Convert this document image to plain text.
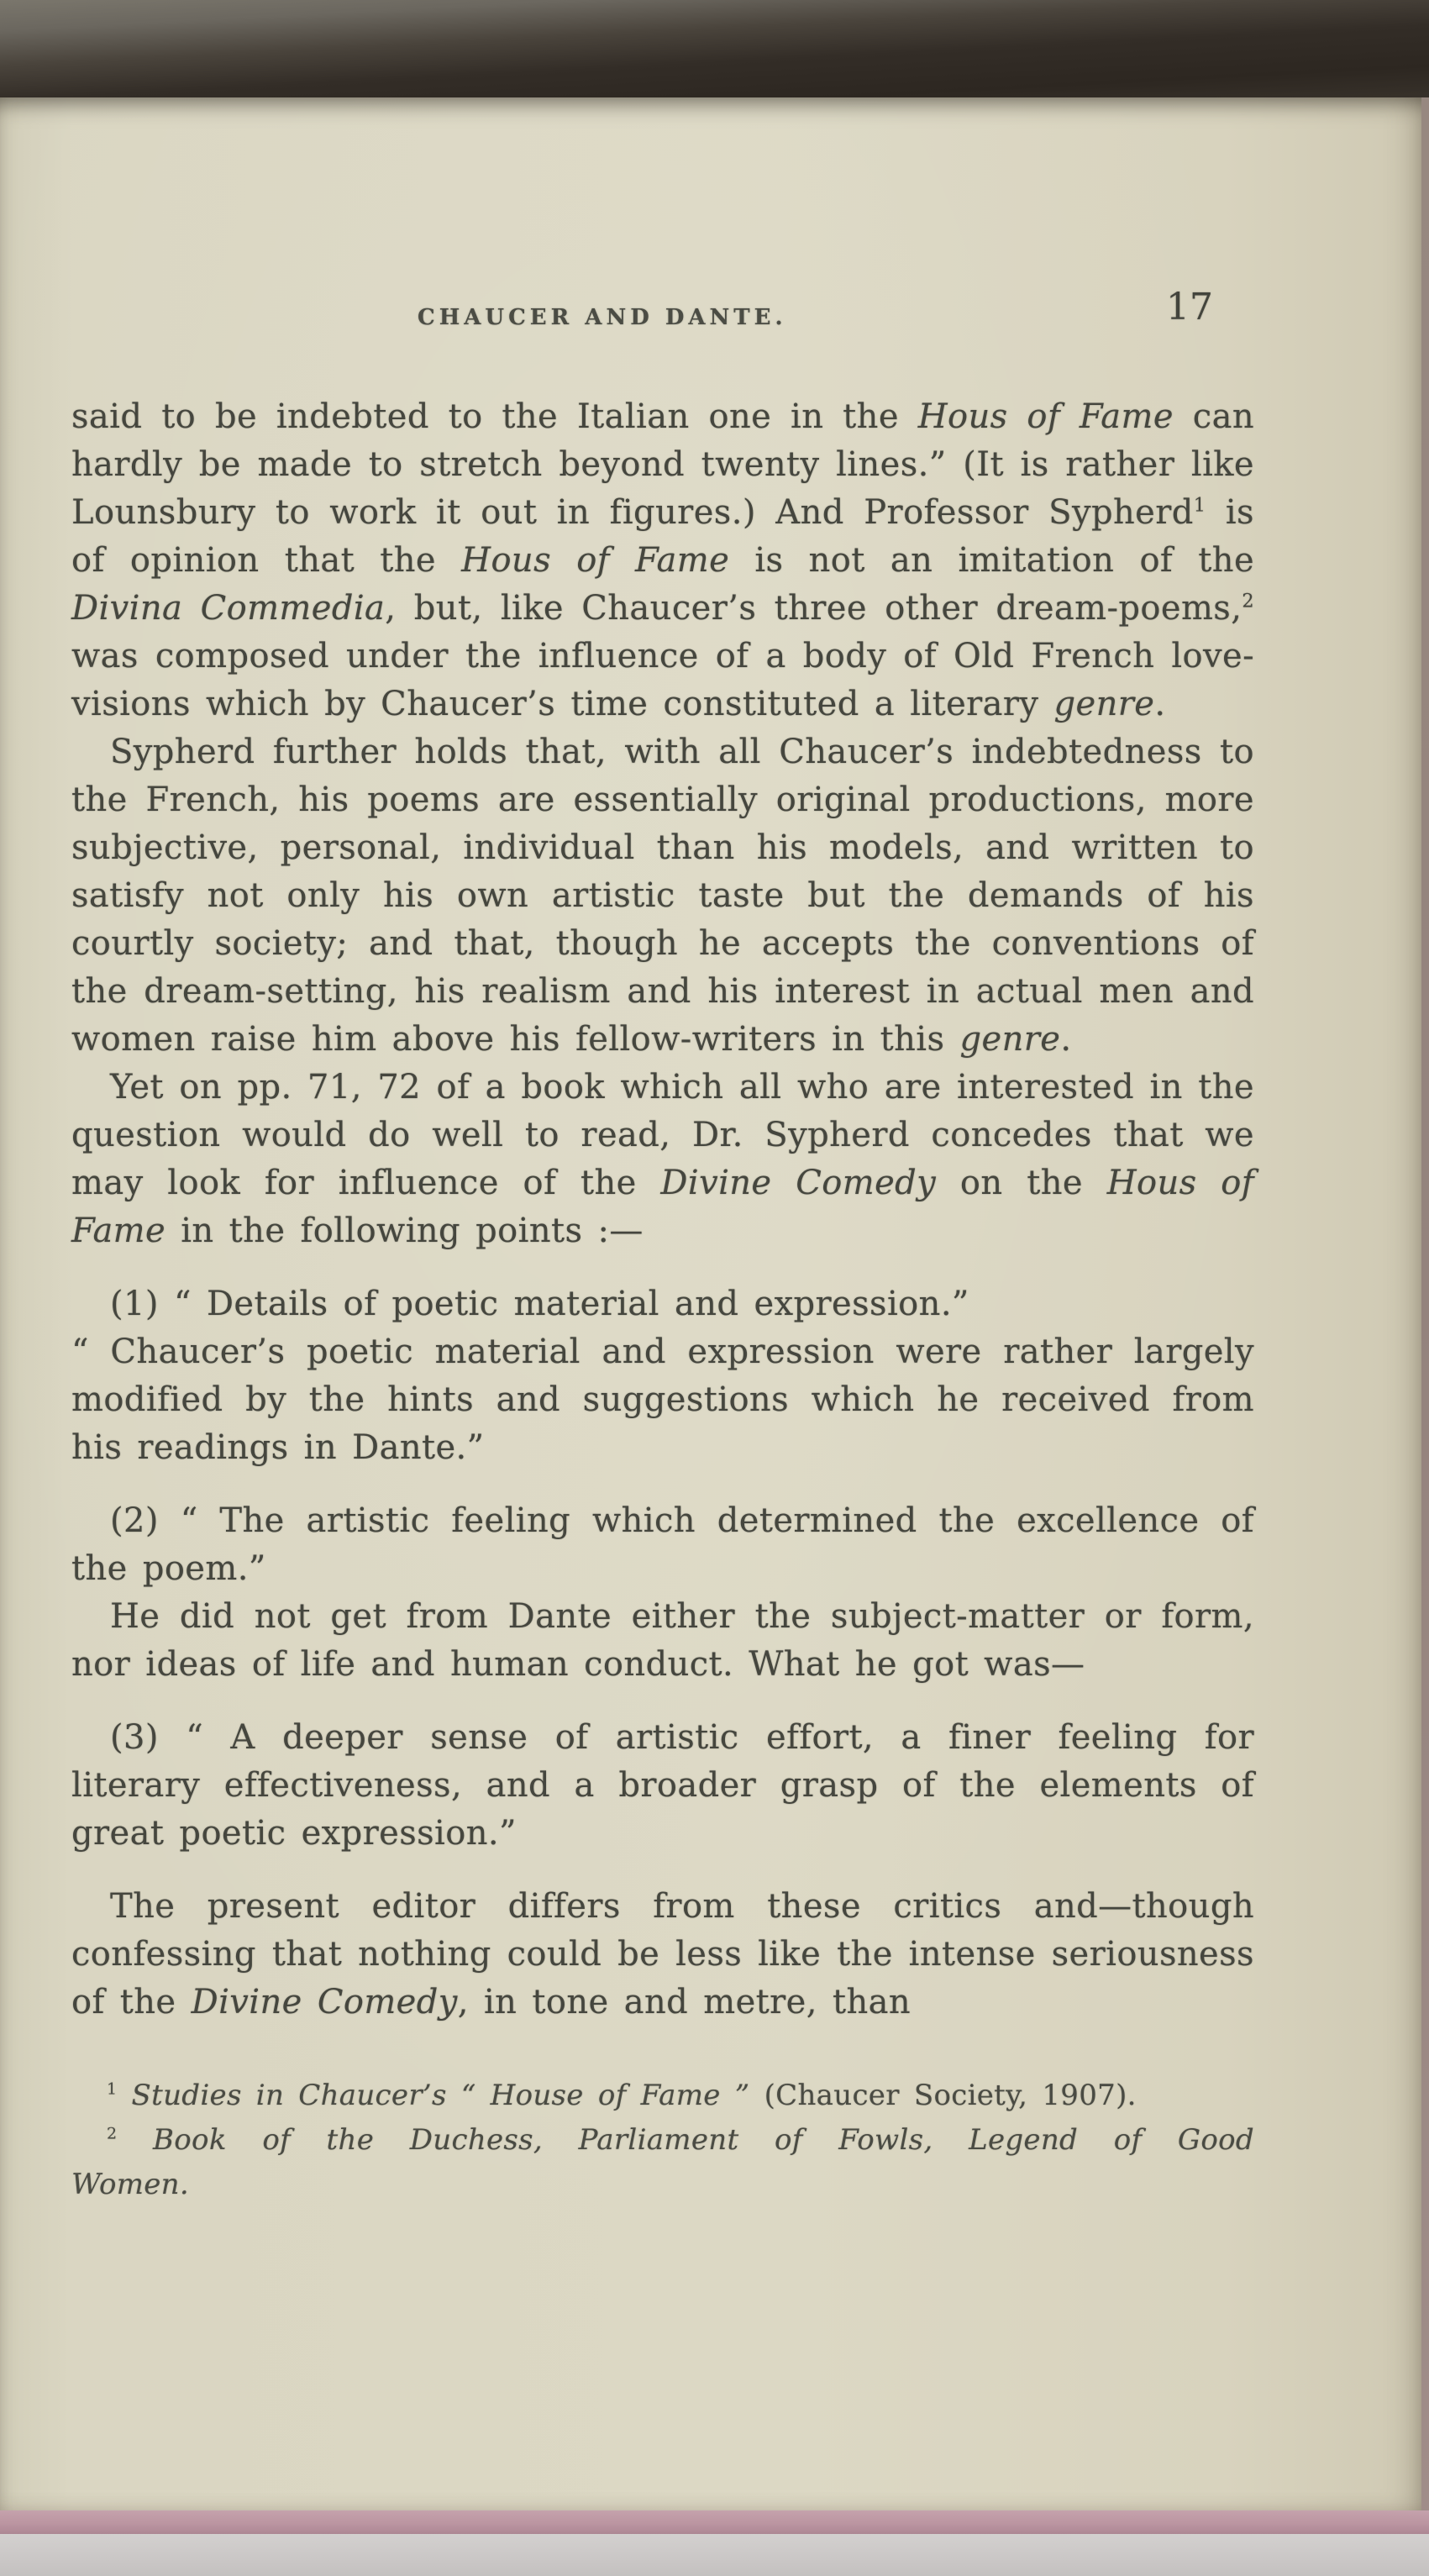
CHAUCER AND DANTE.	17

said to be indebted to the Italian one in the Hous of Fame can hardly be made to stretch beyond twenty lines.” (It is rather like Lounsbury to work it out in figures.) And Professor Sypherd$^1$ is of opinion that the Hous of Fame is not an imitation of the Divina Commedia, but, like Chaucer’s three other dream-poems,$^2$ was composed under the influence of a body of Old French love-visions which by Chaucer’s time constituted a literary genre.

Sypherd further holds that, with all Chaucer’s indebtedness to the French, his poems are essentially original productions, more subjective, personal, individual than his models, and written to satisfy not only his own artistic taste but the demands of his courtly society; and that, though he accepts the conventions of the dream-setting, his realism and his interest in actual men and women raise him above his fellow-writers in this genre.

Yet on pp. 71, 72 of a book which all who are interested in the question would do well to read, Dr. Sypherd concedes that we may look for influence of the Divine Comedy on the Hous of Fame in the following points :—

(1) “ Details of poetic material and expression.”

“ Chaucer’s poetic material and expression were rather largely modified by the hints and suggestions which he received from his readings in Dante.”

(2) “ The artistic feeling which determined the excellence of the poem.”

He did not get from Dante either the subject-matter or form, nor ideas of life and human conduct. What he got was—

(3) “ A deeper sense of artistic effort, a finer feeling for literary effectiveness, and a broader grasp of the elements of great poetic expression.”

The present editor differs from these critics and—though confessing that nothing could be less like the intense seriousness of the Divine Comedy, in tone and metre, than

$^1$ Studies in Chaucer’s “ House of Fame ” (Chaucer Society, 1907).

$^2$ Book of the Duchess, Parliament of Fowls, Legend of Good Women.
